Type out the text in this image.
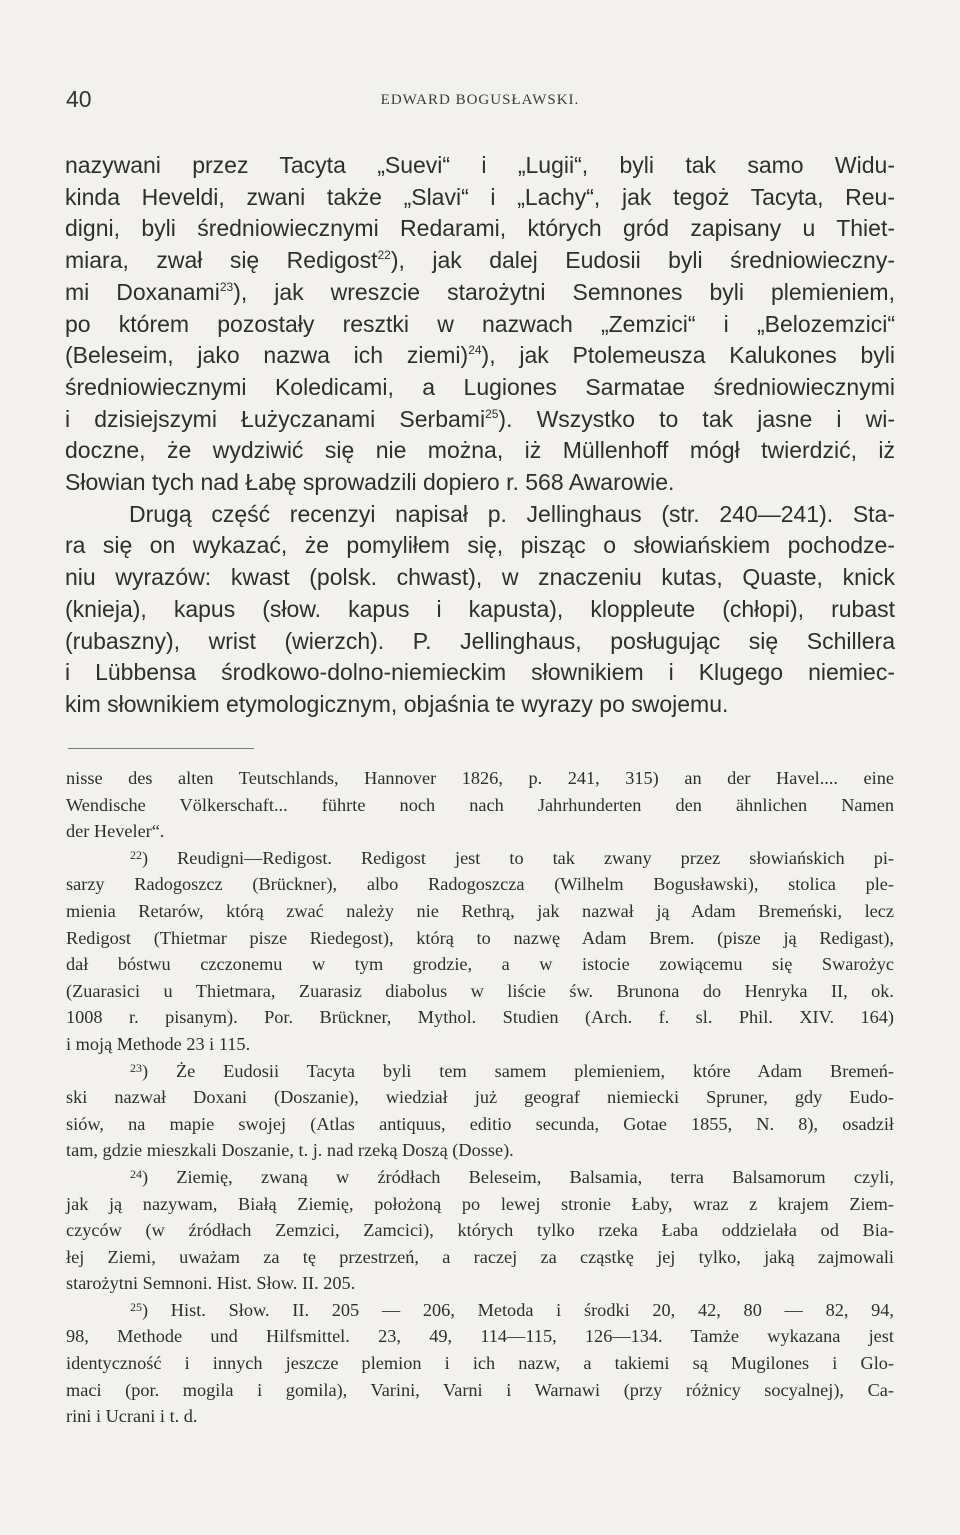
40	EDWARD BOGUSŁAWSKI.
nazywani przez Tacyta „Suevi“ i „Lugii“, byli tak samo Widu-
kinda Heveldi, zwani także „Slavi“ i „Lachy“, jak tegoż Tacyta, Reu-
digni, byli średniowiecznymi Redarami, których gród zapisany u Thiet-
miara, zwał się Redigost$^{22}$), jak dalej Eudosii byli średniowieczny-
mi Doxanami$^{23}$), jak wreszcie starożytni Semnones byli plemieniem,
po którem pozostały resztki w nazwach „Zemzici“ i „Belozemzici“
(Beleseim, jako nazwa ich ziemi)$^{24}$), jak Ptolemeusza Kalukones byli
średniowiecznymi Koledicami, a Lugiones Sarmatae średniowiecznymi
i dzisiejszymi Łużyczanami Serbami$^{25}$). Wszystko to tak jasne i wi-
doczne, że wydziwić się nie można, iż Müllenhoff mógł twierdzić, iż
Słowian tych nad Łabę sprowadzili dopiero r. 568 Awarowie.
Drugą część recenzyi napisał p. Jellinghaus (str. 240—241). Sta-
ra się on wykazać, że pomyliłem się, pisząc o słowiańskiem pochodze-
niu wyrazów: kwast (polsk. chwast), w znaczeniu kutas, Quaste, knick
(knieja), kapus (słow. kapus i kapusta), kloppleute (chłopi), rubast
(rubaszny), wrist (wierzch). P. Jellinghaus, posługując się Schillera
i Lübbensa środkowo-dolno-niemieckim słownikiem i Klugego niemiec-
kim słownikiem etymologicznym, objaśnia te wyrazy po swojemu.
nisse des alten Teutschlands, Hannover 1826, p. 241, 315) an der Havel.... eine
Wendische Völkerschaft... führte noch nach Jahrhunderten den ähnlichen Namen
der Heveler“.
$^{22}$) Reudigni—Redigost. Redigost jest to tak zwany przez słowiańskich pi-
sarzy Radogoszcz (Brückner), albo Radogoszcza (Wilhelm Bogusławski), stolica ple-
mienia Retarów, którą zwać należy nie Rethrą, jak nazwał ją Adam Bremeński, lecz
Redigost (Thietmar pisze Riedegost), którą to nazwę Adam Brem. (pisze ją Redigast),
dał bóstwu czczonemu w tym grodzie, a w istocie zowiącemu się Swarożyc
(Zuarasici u Thietmara, Zuarasiz diabolus w liście św. Brunona do Henryka II, ok.
1008 r. pisanym). Por. Brückner, Mythol. Studien (Arch. f. sl. Phil. XIV. 164)
i moją Methode 23 i 115.
$^{23}$) Że Eudosii Tacyta byli tem samem plemieniem, które Adam Bremeń-
ski nazwał Doxani (Doszanie), wiedział już geograf niemiecki Spruner, gdy Eudo-
siów, na mapie swojej (Atlas antiquus, editio secunda, Gotae 1855, N. 8), osadził
tam, gdzie mieszkali Doszanie, t. j. nad rzeką Doszą (Dosse).
$^{24}$) Ziemię, zwaną w źródłach Beleseim, Balsamia, terra Balsamorum czyli,
jak ją nazywam, Białą Ziemię, położoną po lewej stronie Łaby, wraz z krajem Ziem-
czyców (w źródłach Zemzici, Zamcici), których tylko rzeka Łaba oddzielała od Bia-
łej Ziemi, uważam za tę przestrzeń, a raczej za cząstkę jej tylko, jaką zajmowali
starożytni Semnoni. Hist. Słow. II. 205.
$^{25}$) Hist. Słow. II. 205 — 206, Metoda i środki 20, 42, 80 — 82, 94,
98, Methode und Hilfsmittel. 23, 49, 114—115, 126—134. Tamże wykazana jest
identyczność i innych jeszcze plemion i ich nazw, a takiemi są Mugilones i Glo-
maci (por. mogila i gomila), Varini, Varni i Warnawi (przy różnicy socyalnej), Ca-
rini i Ucrani i t. d.
